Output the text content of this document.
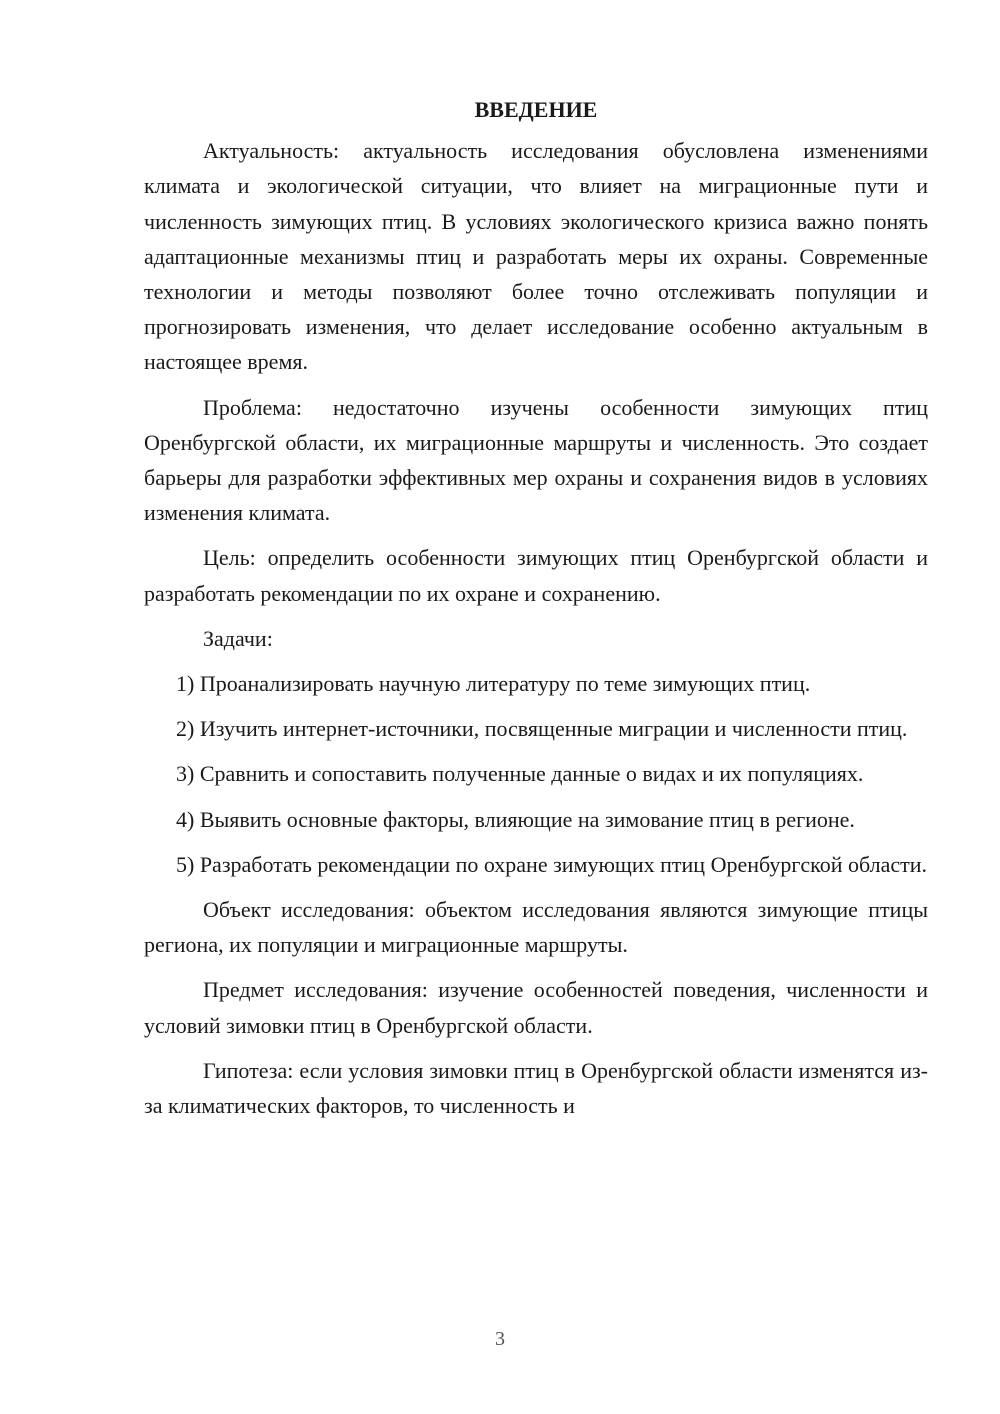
ВВЕДЕНИЕ

Актуальность: актуальность исследования обусловлена изменениями климата и экологической ситуации, что влияет на миграционные пути и численность зимующих птиц. В условиях экологического кризиса важно понять адаптационные механизмы птиц и разработать меры их охраны. Современные технологии и методы позволяют более точно отслеживать популяции и прогнозировать изменения, что делает исследование особенно актуальным в настоящее время.

Проблема: недостаточно изучены особенности зимующих птиц Оренбургской области, их миграционные маршруты и численность. Это создает барьеры для разработки эффективных мер охраны и сохранения видов в условиях изменения климата.

Цель: определить особенности зимующих птиц Оренбургской области и разработать рекомендации по их охране и сохранению.

Задачи:

1) Проанализировать научную литературу по теме зимующих птиц.

2) Изучить интернет-источники, посвященные миграции и численности птиц.

3) Сравнить и сопоставить полученные данные о видах и их популяциях.

4) Выявить основные факторы, влияющие на зимование птиц в регионе.

5) Разработать рекомендации по охране зимующих птиц Оренбургской области.

Объект исследования: объектом исследования являются зимующие птицы региона, их популяции и миграционные маршруты.

Предмет исследования: изучение особенностей поведения, численности и условий зимовки птиц в Оренбургской области.

Гипотеза: если условия зимовки птиц в Оренбургской области изменятся из-за климатических факторов, то численность и

3
